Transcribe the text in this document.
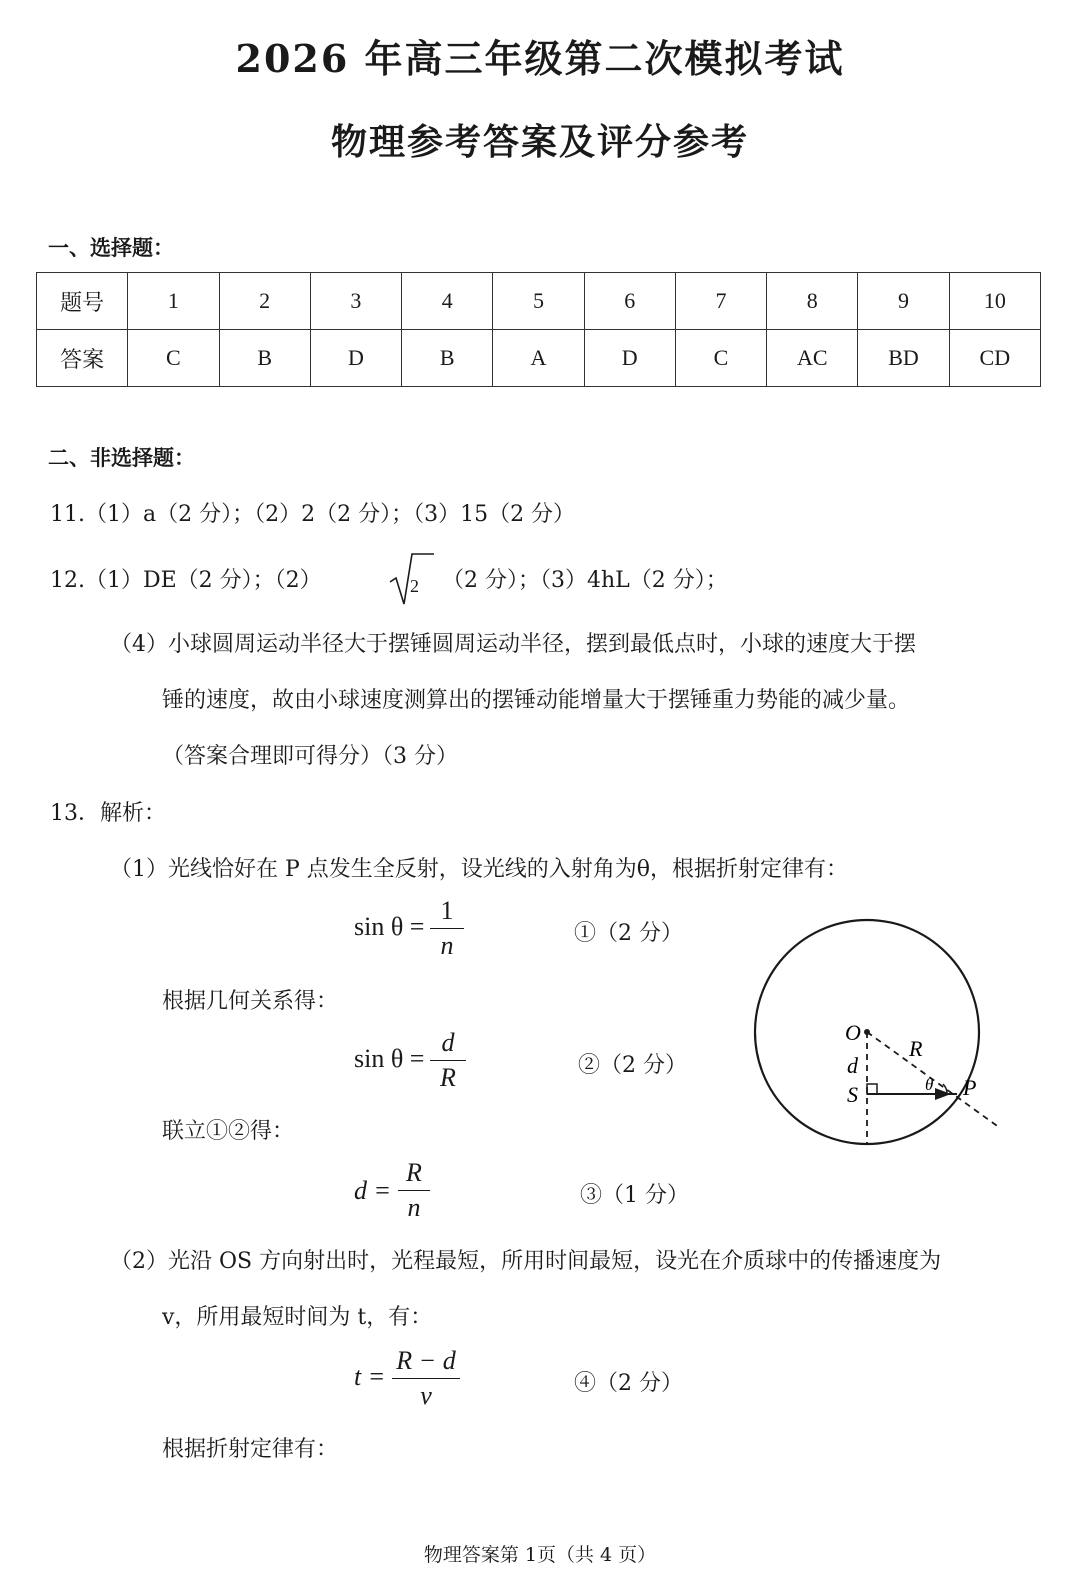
2026 年高三年级第二次模拟考试
物理参考答案及评分参考
一、选择题：
题号	1	2	3	4	5	6	7	8	9	10
答案	C	B	D	B	A	D	C	AC	BD	CD
二、非选择题：
11.（1）a（2 分）；（2）2（2 分）；（3）15（2 分）
12.（1）DE（2 分）；（2）	2 （2 分）；（3）4hL（2 分）；
（4）小球圆周运动半径大于摆锤圆周运动半径，摆到最低点时，小球的速度大于摆
锤的速度，故由小球速度测算出的摆锤动能增量大于摆锤重力势能的减少量。
（答案合理即可得分）（3 分）
13．解析：
（1）光线恰好在 P 点发生全反射，设光线的入射角为θ，根据折射定律有：
sin θ =
1
n	①（2 分）
根据几何关系得：
sin θ =
d
R	②（2 分）
联立①②得：
d =
R
n	③（1 分）
（2）光沿 OS 方向射出时，光程最短，所用时间最短，设光在介质球中的传播速度为
v，所用最短时间为 t，有：
t =
R − d
v	④（2 分）
根据折射定律有：
O
d
S
R
θ P
物理答案第 1页（共 4 页）
